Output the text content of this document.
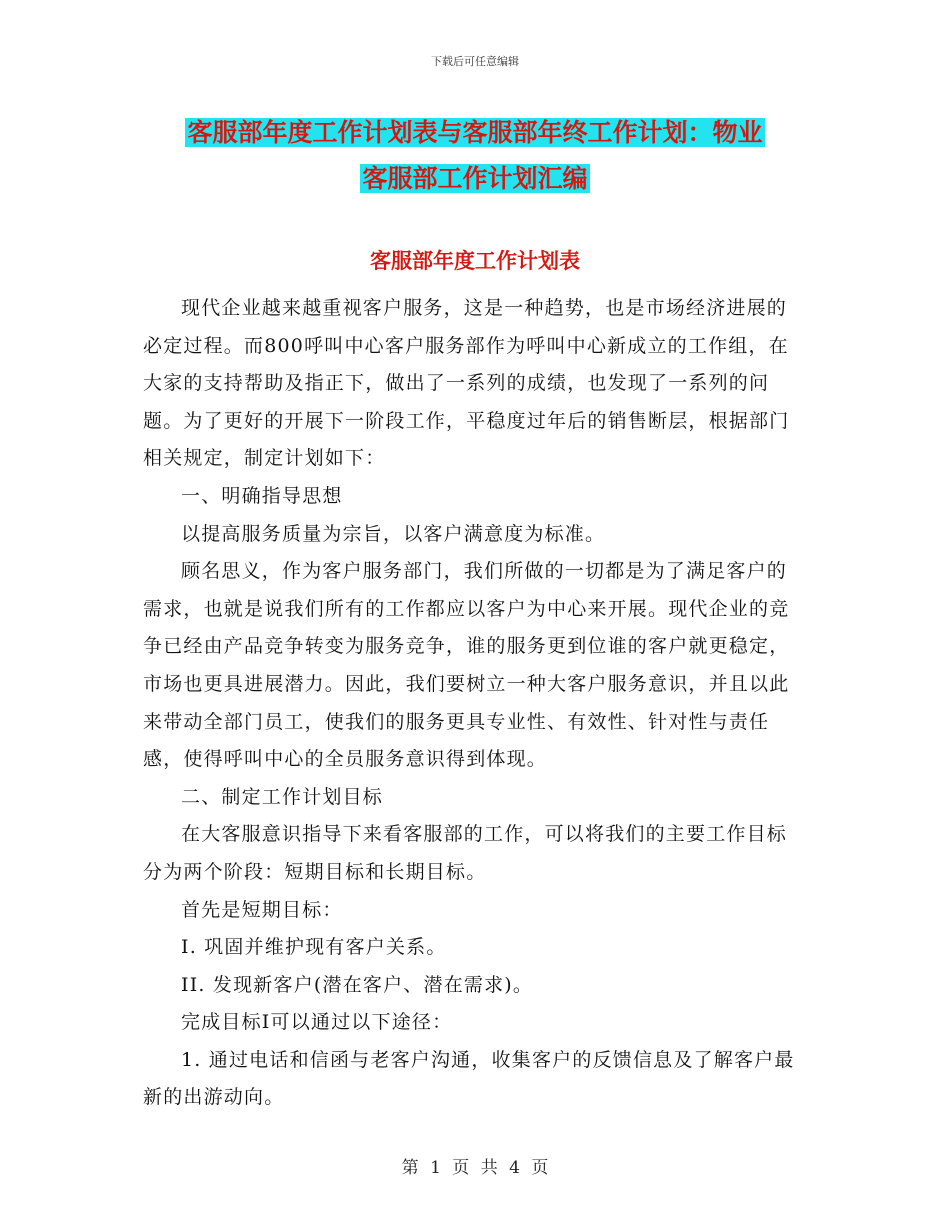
下载后可任意编辑
客服部年度工作计划表与客服部年终工作计划：物业
客服部工作计划汇编
客服部年度工作计划表

现代企业越来越重视客户服务，这是一种趋势，也是市场经济进展的必定过程。而800呼叫中心客户服务部作为呼叫中心新成立的工作组，在大家的支持帮助及指正下，做出了一系列的成绩，也发现了一系列的问题。为了更好的开展下一阶段工作，平稳度过年后的销售断层，根据部门相关规定，制定计划如下：

一、明确指导思想

以提高服务质量为宗旨，以客户满意度为标准。

顾名思义，作为客户服务部门，我们所做的一切都是为了满足客户的需求，也就是说我们所有的工作都应以客户为中心来开展。现代企业的竞争已经由产品竞争转变为服务竞争，谁的服务更到位谁的客户就更稳定，市场也更具进展潜力。因此，我们要树立一种大客户服务意识，并且以此来带动全部门员工，使我们的服务更具专业性、有效性、针对性与责任感，使得呼叫中心的全员服务意识得到体现。

二、制定工作计划目标

在大客服意识指导下来看客服部的工作，可以将我们的主要工作目标分为两个阶段：短期目标和长期目标。

首先是短期目标：

I. 巩固并维护现有客户关系。

II. 发现新客户(潜在客户、潜在需求)。

完成目标I可以通过以下途径：

1. 通过电话和信函与老客户沟通，收集客户的反馈信息及了解客户最新的出游动向。

第 1 页 共 4 页
